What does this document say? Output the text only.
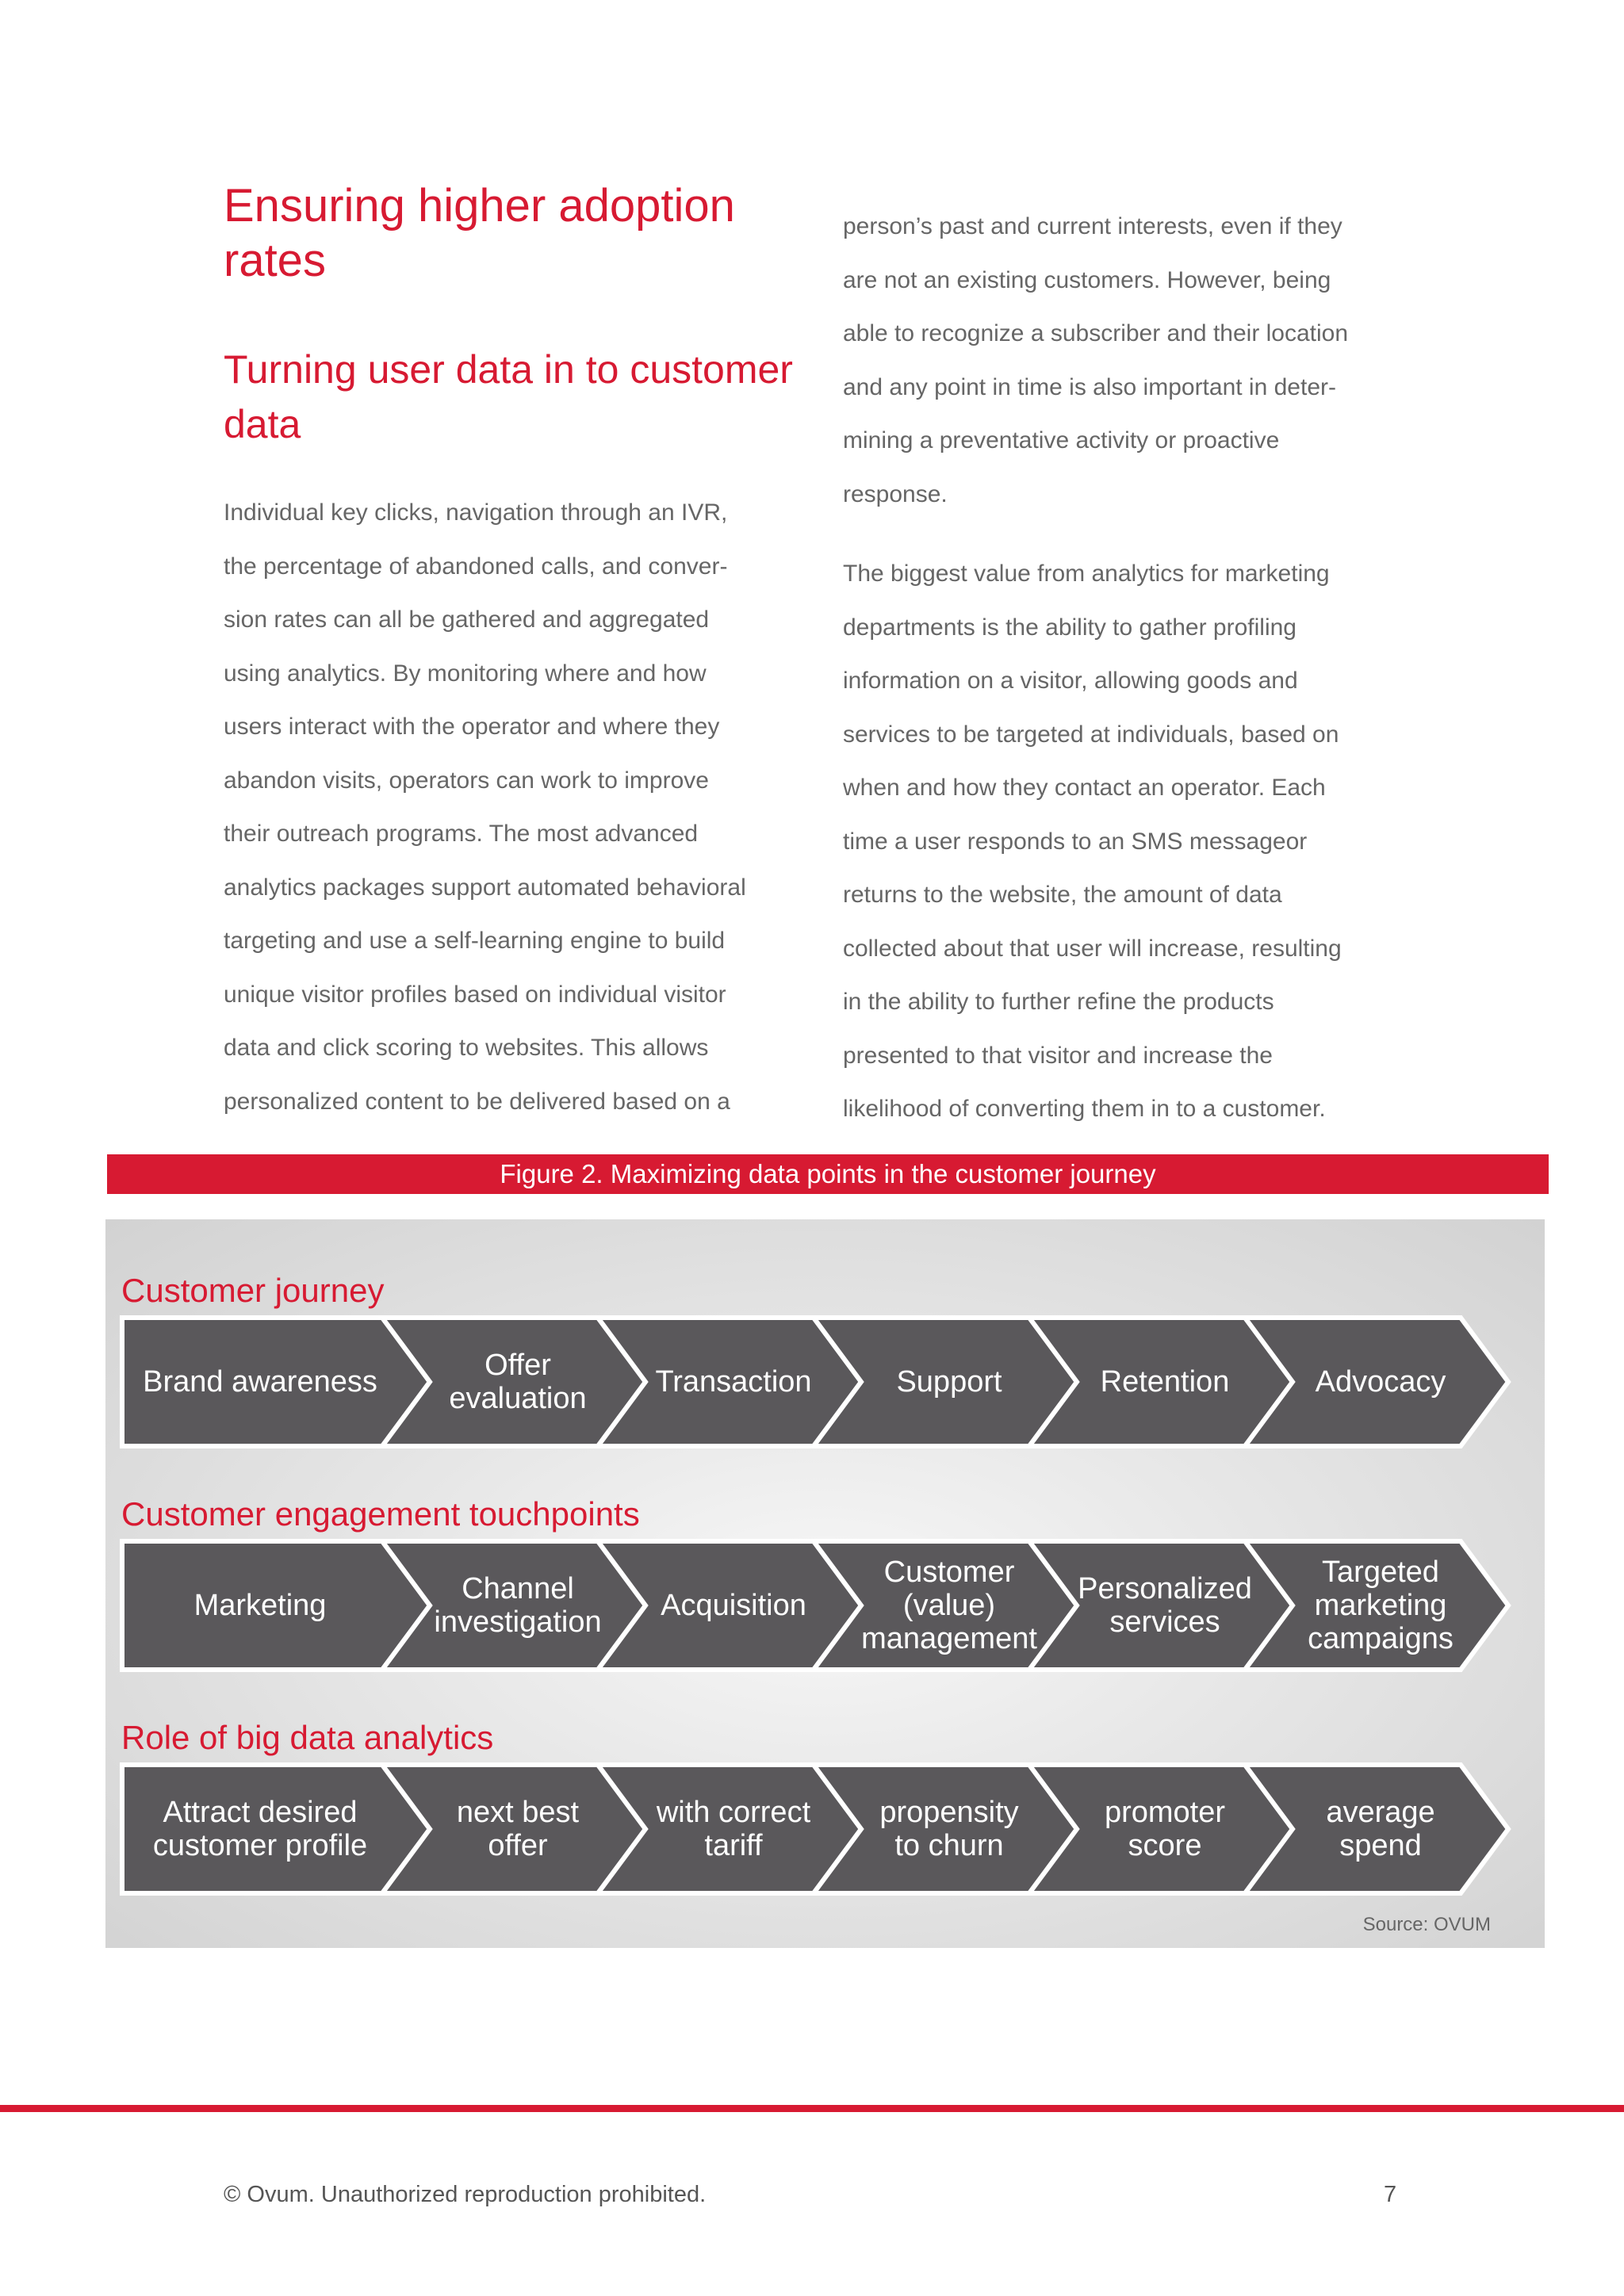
Ensuring higher adoption rates
Turning user data in to customer data
Individual key clicks, navigation through an IVR,
the percentage of abandoned calls, and conver-
sion rates can all be gathered and aggregated
using analytics. By monitoring where and how
users interact with the operator and where they
abandon visits, operators can work to improve
their outreach programs. The most advanced
analytics packages support automated behavioral
targeting and use a self-learning engine to build
unique visitor profiles based on individual visitor
data and click scoring to websites. This allows
personalized content to be delivered based on a
person’s past and current interests, even if they
are not an existing customers. However, being
able to recognize a subscriber and their location
and any point in time is also important in deter-
mining a preventative activity or proactive
response.
The biggest value from analytics for marketing
departments is the ability to gather profiling
information on a visitor, allowing goods and
services to be targeted at individuals, based on
when and how they contact an operator. Each
time a user responds to an SMS messageor
returns to the website, the amount of data
collected about that user will increase, resulting
in the ability to further refine the products
presented to that visitor and increase the
likelihood of converting them in to a customer.
Figure 2. Maximizing data points in the customer journey
Customer journey
Brand awareness	Offer
evaluation	Transaction	Support	Retention	Advocacy
Customer engagement touchpoints
Marketing	Channel
investigation	Acquisition
Customer
(value)
management
Personalized
services
Targeted
marketing
campaigns
Role of big data analytics
Attract desired
customer profile
next best
offer
with correct
tariff
propensity
to churn
promoter
score
average
spend
Source: OVUM
© Ovum. Unauthorized reproduction prohibited.	7
